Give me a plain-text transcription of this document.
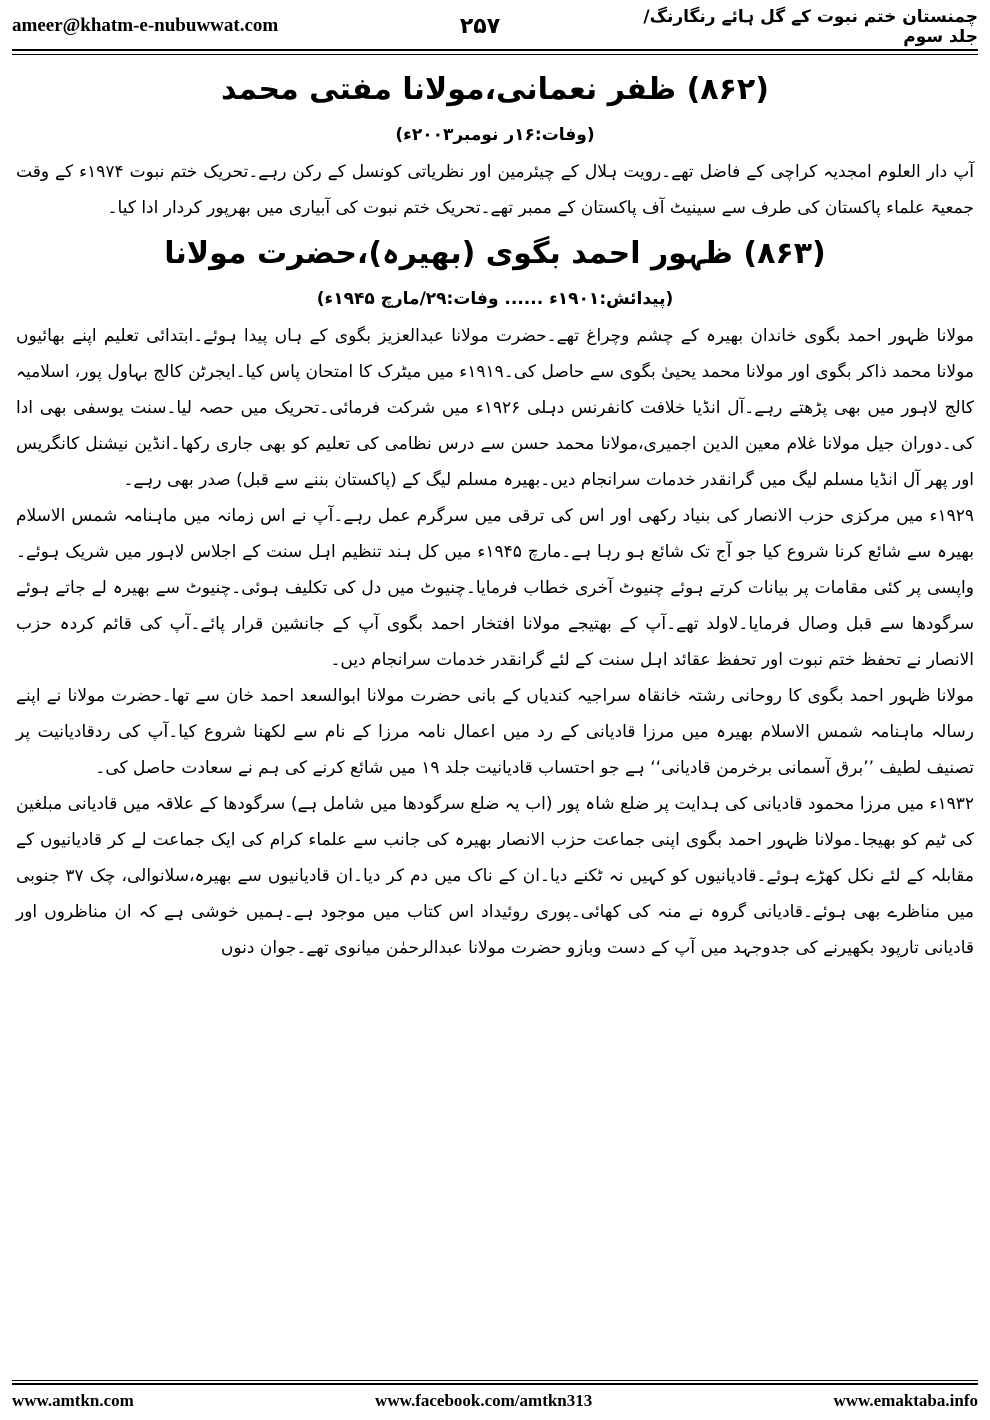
ameer@khatm-e-nubuwwat.com	۲۵۷	چمنستان ختم نبوت کے گل ہائے رنگارنگ/جلد سوم
(۸۶۲) ظفر نعمانی،مولانا مفتی محمد
(وفات:۱۶ر نومبر۲۰۰۳ء)

آپ دار العلوم امجدیہ کراچی کے فاضل تھے۔رویت ہلال کے چیئرمین اور نظریاتی کونسل کے رکن رہے۔تحریک ختم نبوت ۱۹۷۴ء کے وقت جمعیۃ علماء پاکستان کی طرف سے سینیٹ آف پاکستان کے ممبر تھے۔تحریک ختم نبوت کی آبیاری میں بھرپور کردار ادا کیا۔

(۸۶۳) ظہور احمد بگوی (بھیرہ)،حضرت مولانا
(پیدائش:۱۹۰۱ء ...... وفات:۲۹/مارچ ۱۹۴۵ء)

مولانا ظہور احمد بگوی خاندان بھیرہ کے چشم وچراغ تھے۔حضرت مولانا عبدالعزیز بگوی کے ہاں پیدا ہوئے۔ابتدائی تعلیم اپنے بھائیوں مولانا محمد ذاکر بگوی اور مولانا محمد یحییٰ بگوی سے حاصل کی۔۱۹۱۹ء میں میٹرک کا امتحان پاس کیا۔ایجرٹن کالج بہاول پور، اسلامیہ کالج لاہور میں بھی پڑھتے رہے۔آل انڈیا خلافت کانفرنس دہلی ۱۹۲۶ء میں شرکت فرمائی۔تحریک میں حصہ لیا۔سنت یوسفی بھی ادا کی۔دوران جیل مولانا غلام معین الدین اجمیری،مولانا محمد حسن سے درس نظامی کی تعلیم کو بھی جاری رکھا۔انڈین نیشنل کانگریس اور پھر آل انڈیا مسلم لیگ میں گرانقدر خدمات سرانجام دیں۔بھیرہ مسلم لیگ کے (پاکستان بننے سے قبل) صدر بھی رہے۔

۱۹۲۹ء میں مرکزی حزب الانصار کی بنیاد رکھی اور اس کی ترقی میں سرگرم عمل رہے۔آپ نے اس زمانہ میں ماہنامہ شمس الاسلام بھیرہ سے شائع کرنا شروع کیا جو آج تک شائع ہو رہا ہے۔مارچ ۱۹۴۵ء میں کل ہند تنظیم اہل سنت کے اجلاس لاہور میں شریک ہوئے۔واپسی پر کئی مقامات پر بیانات کرتے ہوئے چنیوٹ آخری خطاب فرمایا۔چنیوٹ میں دل کی تکلیف ہوئی۔چنیوٹ سے بھیرہ لے جاتے ہوئے سرگودھا سے قبل وصال فرمایا۔لاولد تھے۔آپ کے بھتیجے مولانا افتخار احمد بگوی آپ کے جانشین قرار پائے۔آپ کی قائم کردہ حزب الانصار نے تحفظ ختم نبوت اور تحفظ عقائد اہل سنت کے لئے گرانقدر خدمات سرانجام دیں۔

مولانا ظہور احمد بگوی کا روحانی رشتہ خانقاہ سراجیہ کندیاں کے بانی حضرت مولانا ابوالسعد احمد خان سے تھا۔حضرت مولانا نے اپنے رسالہ ماہنامہ شمس الاسلام بھیرہ میں مرزا قادیانی کے رد میں اعمال نامہ مرزا کے نام سے لکھنا شروع کیا۔آپ کی ردقادیانیت پر تصنیف لطیف ’’برق آسمانی برخرمن قادیانی‘‘ ہے جو احتساب قادیانیت جلد ۱۹ میں شائع کرنے کی ہم نے سعادت حاصل کی۔

۱۹۳۲ء میں مرزا محمود قادیانی کی ہدایت پر ضلع شاہ پور (اب یہ ضلع سرگودھا میں شامل ہے) سرگودھا کے علاقہ میں قادیانی مبلغین کی ٹیم کو بھیجا۔مولانا ظہور احمد بگوی اپنی جماعت حزب الانصار بھیرہ کی جانب سے علماء کرام کی ایک جماعت لے کر قادیانیوں کے مقابلہ کے لئے نکل کھڑے ہوئے۔قادیانیوں کو کہیں نہ ٹکنے دیا۔ان کے ناک میں دم کر دیا۔ان قادیانیوں سے بھیرہ،سلانوالی، چک ۳۷ جنوبی میں مناظرے بھی ہوئے۔قادیانی گروہ نے منہ کی کھائی۔پوری روئیداد اس کتاب میں موجود ہے۔ہمیں خوشی ہے کہ ان مناظروں اور قادیانی تارپود بکھیرنے کی جدوجہد میں آپ کے دست وبازو حضرت مولانا عبدالرحمٰن میانوی تھے۔جوان دنوں

www.amtkn.com	www.facebook.com/amtkn313	www.emaktaba.info
